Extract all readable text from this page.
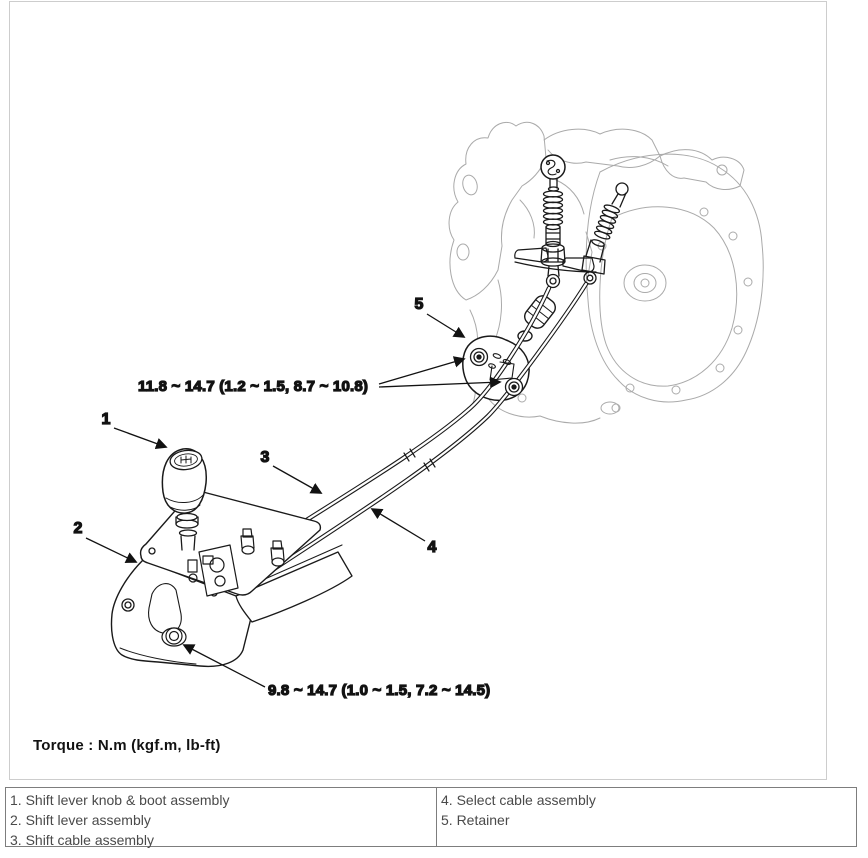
1
2
3
4
5
11.8 ~ 14.7 (1.2 ~ 1.5, 8.7 ~ 10.8)
9.8 ~ 14.7 (1.0 ~ 1.5, 7.2 ~ 14.5)
Torque : N.m (kgf.m, lb-ft)
1. Shift lever knob & boot assembly
2. Shift lever assembly
3. Shift cable assembly
4. Select cable assembly
5. Retainer
